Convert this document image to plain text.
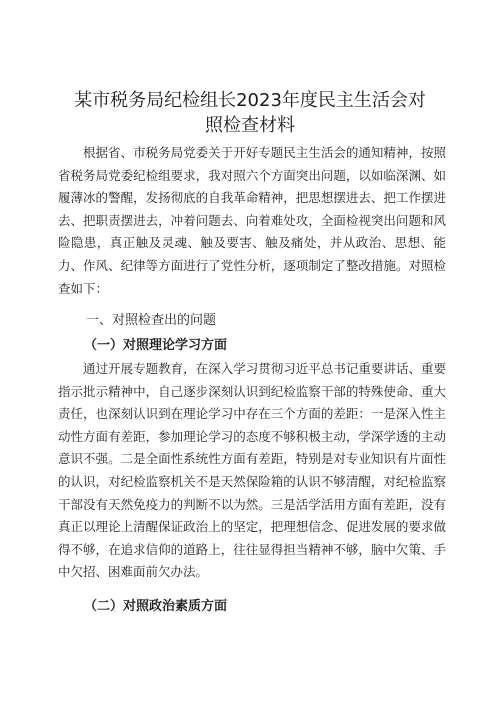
某市税务局纪检组长2023年度民主生活会对
照检查材料
根据省、市税务局党委关于开好专题民主生活会的通知精神，按照省税务局党委纪检组要求，我对照六个方面突出问题，以如临深渊、如履薄冰的警醒，发扬彻底的自我革命精神，把思想摆进去、把工作摆进去、把职责摆进去，冲着问题去、向着难处攻，全面检视突出问题和风险隐患，真正触及灵魂、触及要害、触及痛处，并从政治、思想、能力、作风、纪律等方面进行了党性分析，逐项制定了整改措施。对照检查如下：
一、对照检查出的问题
（一）对照理论学习方面
通过开展专题教育，在深入学习贯彻习近平总书记重要讲话、重要指示批示精神中，自己逐步深刻认识到纪检监察干部的特殊使命、重大责任，也深刻认识到在理论学习中存在三个方面的差距：一是深入性主动性方面有差距，参加理论学习的态度不够积极主动，学深学透的主动意识不强。二是全面性系统性方面有差距，特别是对专业知识有片面性的认识，对纪检监察机关不是天然保险箱的认识不够清醒，对纪检监察干部没有天然免疫力的判断不以为然。三是活学活用方面有差距，没有真正以理论上清醒保证政治上的坚定，把理想信念、促进发展的要求做得不够，在追求信仰的道路上，往往显得担当精神不够，脑中欠策、手中欠招、困难面前欠办法。
（二）对照政治素质方面
